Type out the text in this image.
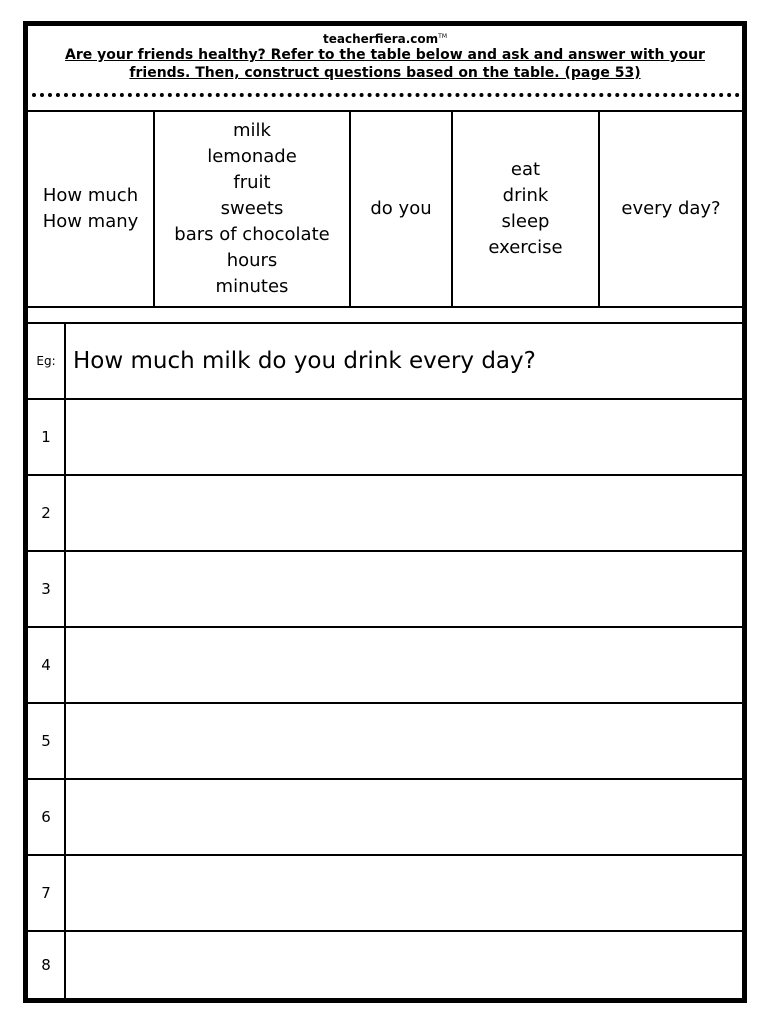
teacherfiera.com™
Are your friends healthy? Refer to the table below and ask and answer with your friends. Then, construct questions based on the table. (page 53)
How much
How many
milk
lemonade
fruit
sweets
bars of chocolate
hours
minutes
do you
eat
drink
sleep
exercise
every day?
Eg: How much milk do you drink every day?
1
2
3
4
5
6
7
8
